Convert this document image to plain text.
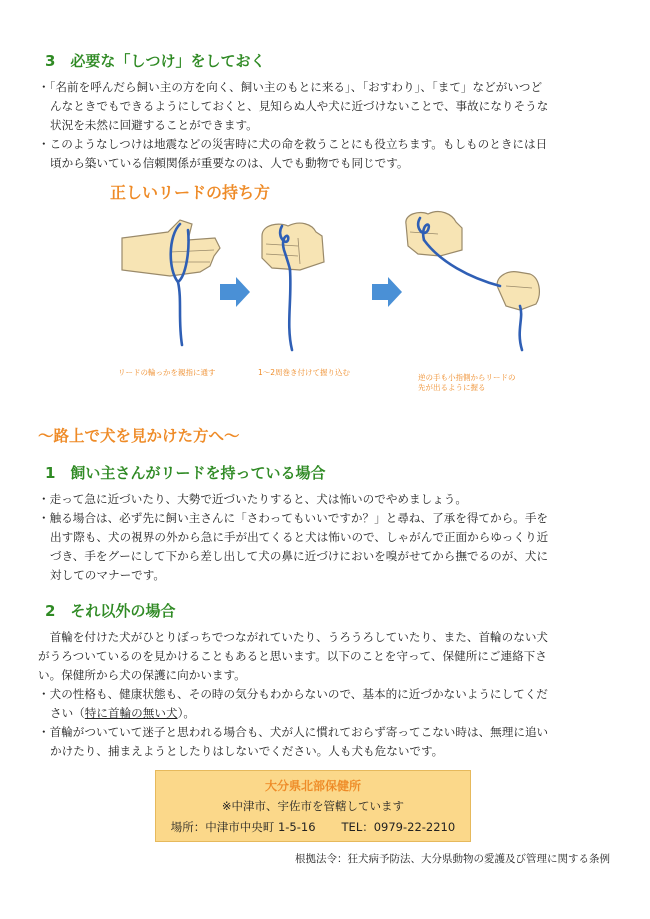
3　必要な「しつけ」をしておく
・「名前を呼んだら飼い主の方を向く、飼い主のもとに来る」、「おすわり」、「まて」などがいつど
んなときでもできるようにしておくと、見知らぬ人や犬に近づけないことで、事故になりそうな
状況を未然に回避することができます。
・このようなしつけは地震などの災害時に犬の命を救うことにも役立ちます。もしものときには日
頃から築いている信頼関係が重要なのは、人でも動物でも同じです。
正しいリードの持ち方
リードの輪っかを親指に通す	1～2周巻き付けて握り込む
逆の手も小指側からリードの
先が出るように握る
～路上で犬を見かけた方へ～
1　飼い主さんがリードを持っている場合
・走って急に近づいたり、大勢で近づいたりすると、犬は怖いのでやめましょう。
・触る場合は、必ず先に飼い主さんに「さわってもいいですか？」と尋ね、了承を得てから。手を
出す際も、犬の視界の外から急に手が出てくると犬は怖いので、しゃがんで正面からゆっくり近
づき、手をグーにして下から差し出して犬の鼻に近づけにおいを嗅がせてから撫でるのが、犬に
対してのマナーです。
2　それ以外の場合
　首輪を付けた犬がひとりぼっちでつながれていたり、うろうろしていたり、また、首輪のない犬
がうろついているのを見かけることもあると思います。以下のことを守って、保健所にご連絡下さ
い。保健所から犬の保護に向かいます。
・犬の性格も、健康状態も、その時の気分もわからないので、基本的に近づかないようにしてくだ
さい（特に首輪の無い犬）。
・首輪がついていて迷子と思われる場合も、犬が人に慣れておらず寄ってこない時は、無理に追い
かけたり、捕まえようとしたりはしないでください。人も犬も危ないです。
大分県北部保健所
※中津市、宇佐市を管轄しています
場所：中津市中央町 1-5-16 TEL：0979-22-2210
根拠法令：狂犬病予防法、大分県動物の愛護及び管理に関する条例
